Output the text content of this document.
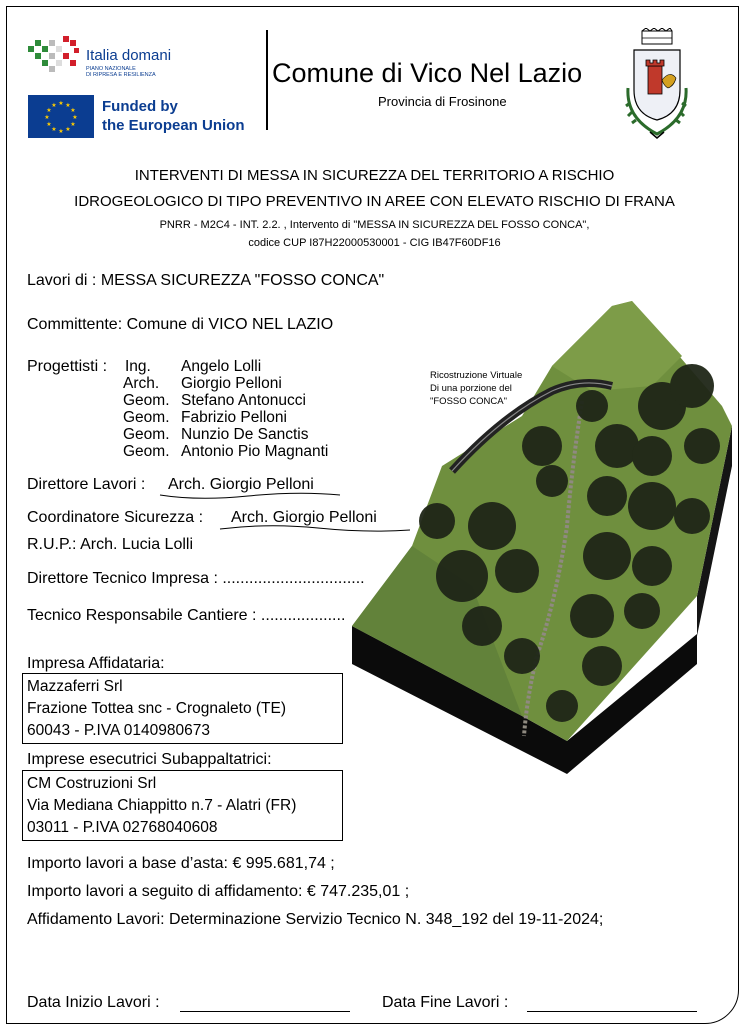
Italia domani
PIANO NAZIONALE
DI RIPRESA E RESILIENZA
★ ★
★
★
★
★
★
★
★
★
★
★	Funded by
the European Union
Comune di Vico Nel Lazio
Provincia di Frosinone
INTERVENTI DI MESSA IN SICUREZZA DEL TERRITORIO A RISCHIO
IDROGEOLOGICO DI TIPO PREVENTIVO IN AREE CON ELEVATO RISCHIO DI FRANA
PNRR - M2C4 - INT. 2.2. , Intervento di "MESSA IN SICUREZZA DEL FOSSO CONCA",
codice CUP I87H22000530001 - CIG IB47F60DF16
Ricostruzione Virtuale
Di una porzione del
"FOSSO CONCA"
Lavori di : MESSA SICUREZZA "FOSSO CONCA"
Committente: Comune di VICO NEL LAZIO
Progettisti : Ing.
Arch.
Geom.
Geom.
Geom.
Geom.
Angelo Lolli
Giorgio Pelloni
Stefano Antonucci
Fabrizio Pelloni
Nunzio De Sanctis
Antonio Pio Magnanti
Direttore Lavori : Arch. Giorgio Pelloni
Coordinatore Sicurezza : Arch. Giorgio Pelloni
R.U.P.: Arch. Lucia Lolli
Direttore Tecnico Impresa : ................................
Tecnico Responsabile Cantiere : ...................
Impresa Affidataria:
Mazzaferri Srl
Frazione Tottea snc - Crognaleto (TE)
60043 - P.IVA 0140980673
Imprese esecutrici Subappaltatrici:
CM Costruzioni Srl
Via Mediana Chiappitto n.7 - Alatri (FR)
03011 - P.IVA 02768040608
Importo lavori a base d’asta: € 995.681,74 ;
Importo lavori a seguito di affidamento: € 747.235,01 ;
Affidamento Lavori: Determinazione Servizio Tecnico N. 348_192 del 19-11-2024;
Data Inizio Lavori :	Data Fine Lavori :
